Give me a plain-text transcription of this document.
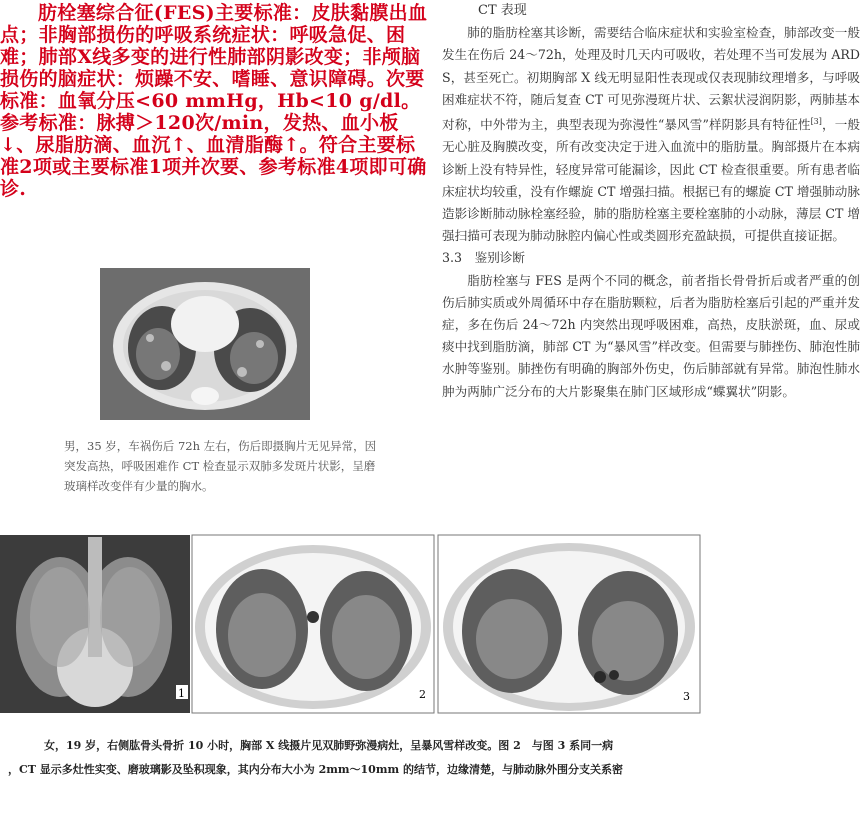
肪栓塞综合征(FES)主要标准：皮肤黏膜出血点；非胸部损伤的呼吸系统症状：呼吸急促、困难；肺部X线多变的进行性肺部阴影改变；非颅脑损伤的脑症状：烦躁不安、嗜睡、意识障碍。次要标准：血氧分压<60 mmHg，Hb<10 g/dl。参考标准：脉搏＞120次/min，发热、血小板↓、尿脂肪滴、血沉↑、血清脂酶↑。符合主要标准2项或主要标准1项并次要、参考标准4项即可确诊.
CT 表现

肺的脂肪栓塞其诊断，需要结合临床症状和实验室检查，肺部改变一般发生在伤后 24～72h，处理及时几天内可吸收，若处理不当可发展为 ARDS，甚至死亡。初期胸部 X 线无明显阳性表现或仅表现肺纹理增多，与呼吸困难症状不符，随后复查 CT 可见弥漫斑片状、云絮状浸润阴影，两肺基本对称，中外带为主，典型表现为弥漫性“暴风雪”样阴影具有特征性[3]，一般无心脏及胸膜改变，所有改变决定于进入血流中的脂肪量。胸部摄片在本病诊断上没有特异性，轻度异常可能漏诊，因此 CT 检查很重要。所有患者临床症状均较重，没有作螺旋 CT 增强扫描。根据已有的螺旋 CT 增强肺动脉造影诊断肺动脉栓塞经验，肺的脂肪栓塞主要栓塞肺的小动脉，薄层 CT 增强扫描可表现为肺动脉腔内偏心性或类圆形充盈缺损，可提供直接证据。

3.3　鉴别诊断

脂肪栓塞与 FES 是两个不同的概念，前者指长骨骨折后或者严重的创伤后肺实质或外周循环中存在脂肪颗粒，后者为脂肪栓塞后引起的严重并发症，多在伤后 24～72h 内突然出现呼吸困难，高热，皮肤淤斑，血、尿或痰中找到脂肪滴，肺部 CT 为“暴风雪”样改变。但需要与肺挫伤、肺泡性肺水肿等鉴别。肺挫伤有明确的胸部外伤史，伤后肺部就有异常。肺泡性肺水肿为两肺广泛分布的大片影聚集在肺门区域形成“蝶翼状”阴影。

男，35 岁，车祸伤后 72h 左右，伤后即摄胸片无见异常，因突发高热，呼吸困难作 CT 检查显示双肺多发斑片状影，呈磨玻璃样改变伴有少量的胸水。
1	2	3
女，19 岁，右侧肱骨头骨折 10 小时，胸部 X 线摄片见双肺野弥漫病灶，呈暴风雪样改变。图 2　与图 3 系同一病
，CT 显示多灶性实变、磨玻璃影及坠积现象，其内分布大小为 2mm～10mm 的结节，边缘清楚，与肺动脉外围分支关系密
